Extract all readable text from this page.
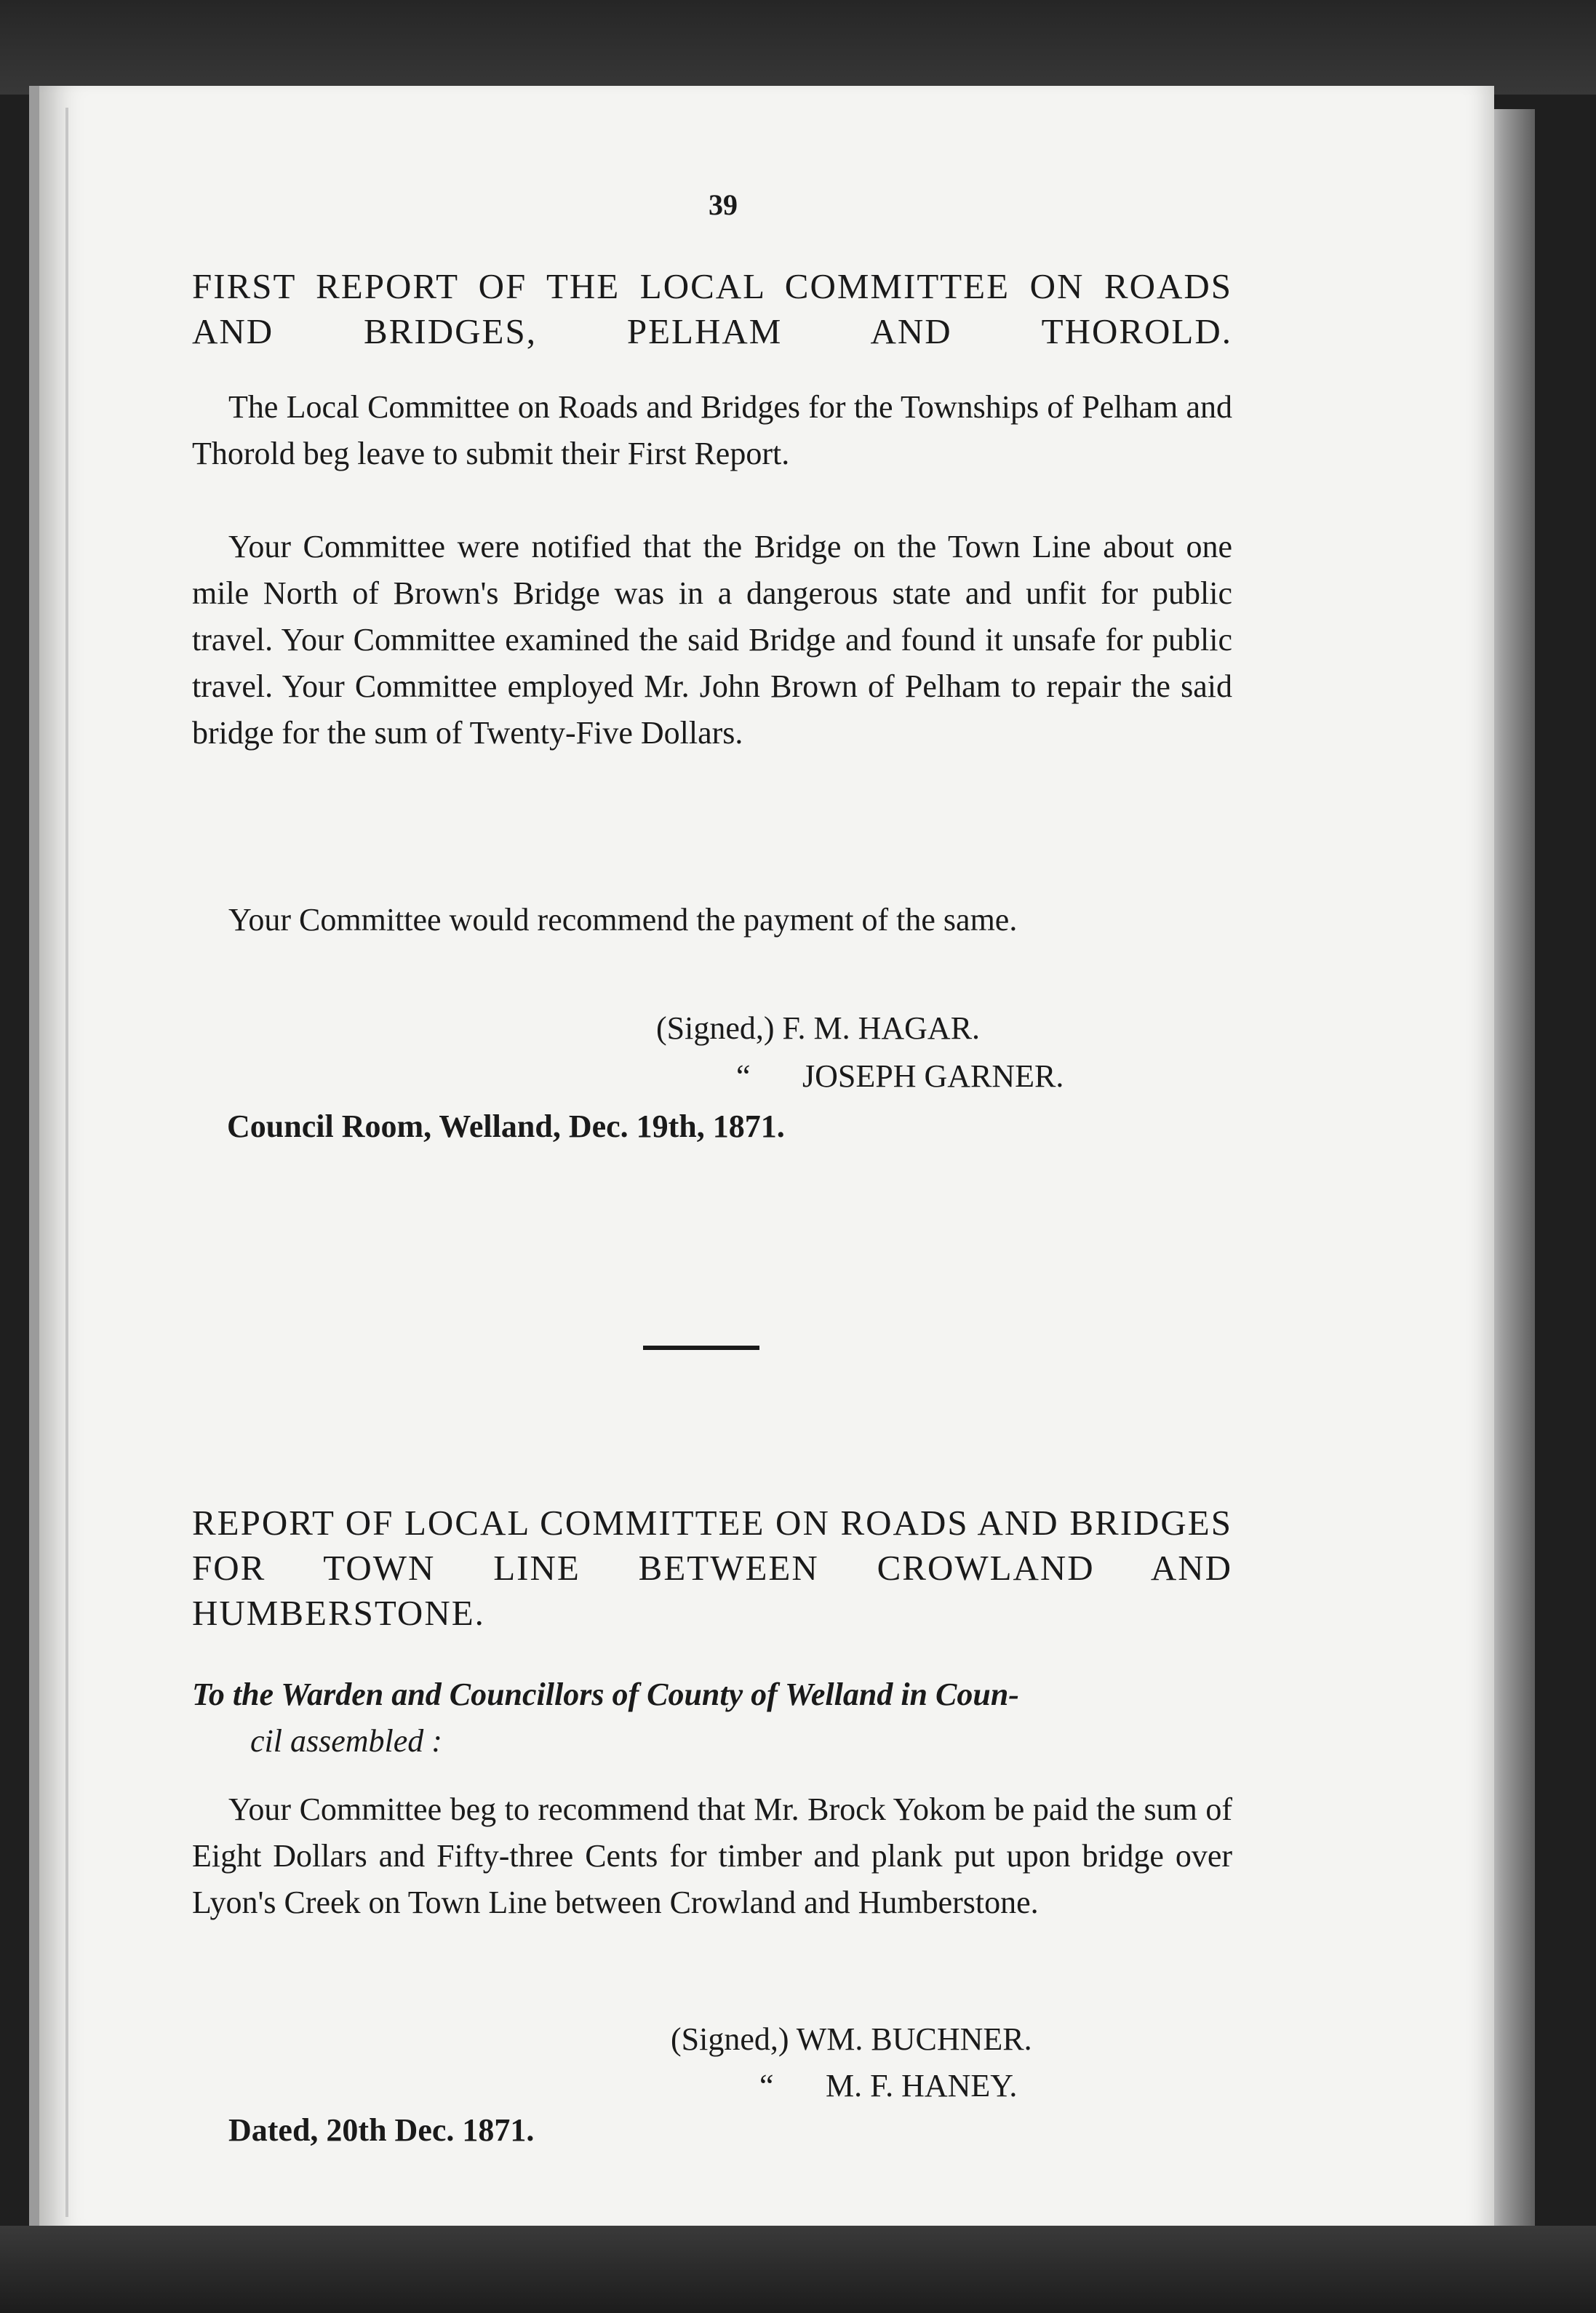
39
FIRST REPORT OF THE LOCAL COMMITTEE ON ROADS AND BRIDGES, PELHAM AND THOROLD.

The Local Committee on Roads and Bridges for the Townships of Pelham and Thorold beg leave to submit their First Report.

Your Committee were notified that the Bridge on the Town Line about one mile North of Brown's Bridge was in a dangerous state and unfit for public travel. Your Committee examined the said Bridge and found it unsafe for public travel. Your Committee employed Mr. John Brown of Pelham to repair the said bridge for the sum of Twenty-Five Dollars.

Your Committee would recommend the payment of the same.

(Signed,) F. M. HAGAR.
“ JOSEPH GARNER.
Council Room, Welland, Dec. 19th, 1871.
REPORT OF LOCAL COMMITTEE ON ROADS AND BRIDGES FOR TOWN LINE BETWEEN CROWLAND AND HUMBERSTONE.
To the Warden and Councillors of County of Welland in Coun-
cil assembled :

Your Committee beg to recommend that Mr. Brock Yokom be paid the sum of Eight Dollars and Fifty-three Cents for timber and plank put upon bridge over Lyon's Creek on Town Line between Crowland and Humberstone.

(Signed,) WM. BUCHNER.
“ M. F. HANEY.
Dated, 20th Dec. 1871.
